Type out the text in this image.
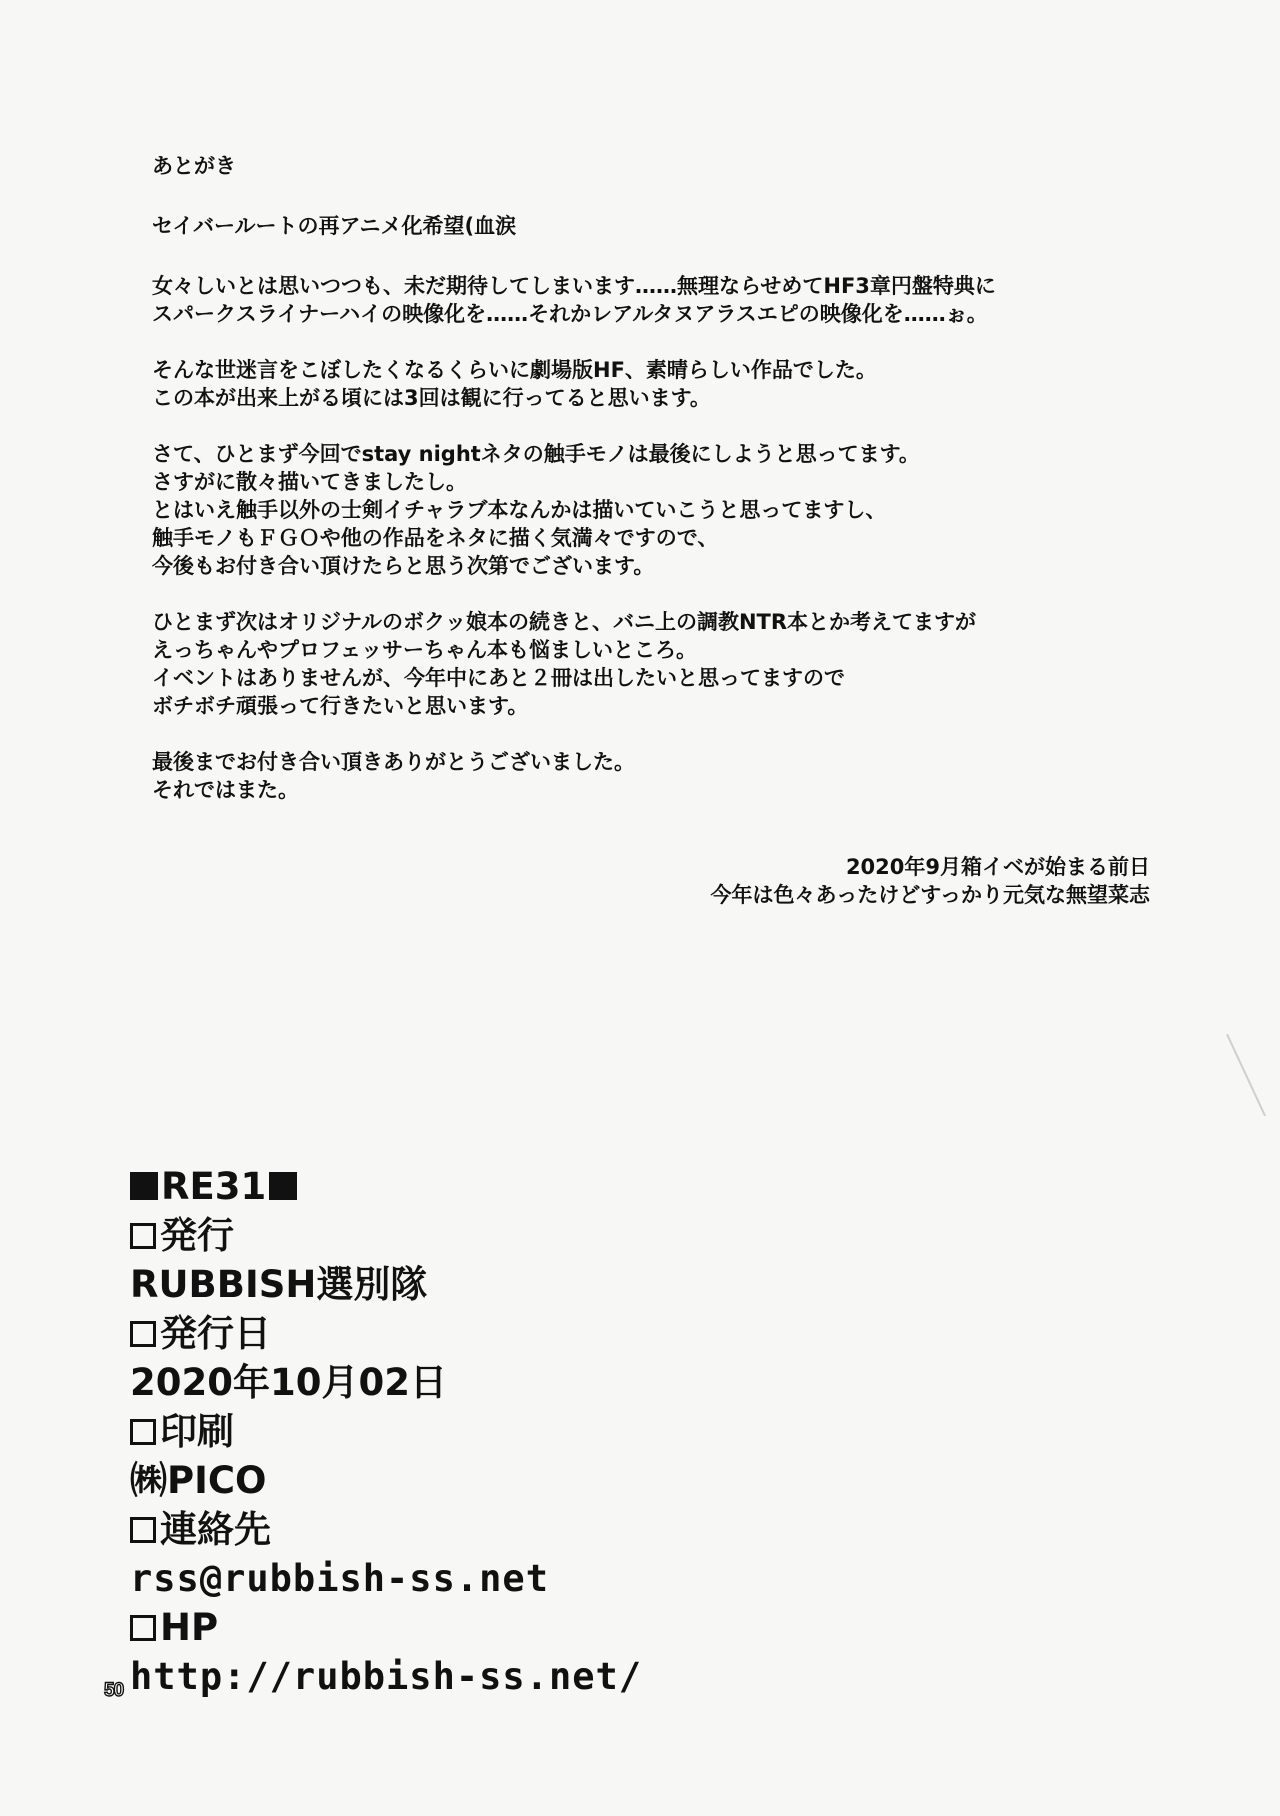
あとがき

セイバールートの再アニメ化希望(血涙

女々しいとは思いつつも、未だ期待してしまいます……無理ならせめてHF3章円盤特典に

スパークスライナーハイの映像化を……それかレアルタヌアラスエピの映像化を……ぉ。

そんな世迷言をこぼしたくなるくらいに劇場版HF、素晴らしい作品でした。

この本が出来上がる頃には3回は観に行ってると思います。

さて、ひとまず今回でstay nightネタの触手モノは最後にしようと思ってます。

さすがに散々描いてきましたし。

とはいえ触手以外の士剣イチャラブ本なんかは描いていこうと思ってますし、

触手モノもＦＧＯや他の作品をネタに描く気満々ですので、

今後もお付き合い頂けたらと思う次第でございます。

ひとまず次はオリジナルのボクッ娘本の続きと、バニ上の調教NTR本とか考えてますが

えっちゃんやプロフェッサーちゃん本も悩ましいところ。

イベントはありませんが、今年中にあと２冊は出したいと思ってますので

ボチボチ頑張って行きたいと思います。

最後までお付き合い頂きありがとうございました。

それではまた。

2020年9月箱イベが始まる前日

今年は色々あったけどすっかり元気な無望菜志

RE31
発行
RUBBISH選別隊
発行日
2020年10月02日
印刷
㈱PICO
連絡先
rss@rubbish-ss.net
HP
http://rubbish-ss.net/
50
